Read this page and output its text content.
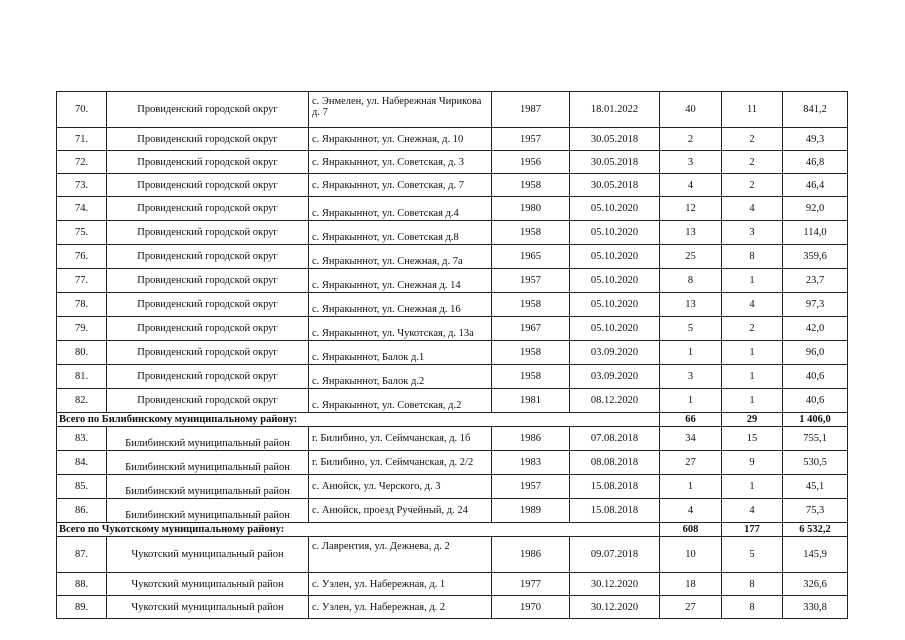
70.	Провиденский городской округ	с. Энмелен, ул. Набережная Чирикова д. 7	1987	18.01.2022	40	11	841,2
71.	Провиденский городской округ	с. Янракыннот, ул. Снежная, д. 10	1957	30.05.2018	2	2	49,3
72.	Провиденский городской округ	с. Янракыннот, ул. Советская, д. 3	1956	30.05.2018	3	2	46,8
73.	Провиденский городской округ	с. Янракыннот, ул. Советская, д. 7	1958	30.05.2018	4	2	46,4
74.	Провиденский городской округ	с. Янракыннот, ул. Советская д.4	1980	05.10.2020	12	4	92,0
75.	Провиденский городской округ	с. Янракыннот, ул. Советская д.8	1958	05.10.2020	13	3	114,0
76.	Провиденский городской округ	с. Янракыннот, ул. Снежная, д. 7а	1965	05.10.2020	25	8	359,6
77.	Провиденский городской округ	с. Янракыннот, ул. Снежная д. 14	1957	05.10.2020	8	1	23,7
78.	Провиденский городской округ	с. Янракыннот, ул. Снежная д. 16	1958	05.10.2020	13	4	97,3
79.	Провиденский городской округ	с. Янракыннот, ул. Чукотская, д. 13а	1967	05.10.2020	5	2	42,0
80.	Провиденский городской округ	с. Янракыннот, Балок д.1	1958	03.09.2020	1	1	96,0
81.	Провиденский городской округ	с. Янракыннот, Балок д.2	1958	03.09.2020	3	1	40,6
82.	Провиденский городской округ	с. Янракыннот, ул. Советская, д.2	1981	08.12.2020	1	1	40,6
Всего по Билибинскому муниципальному району:					66	29	1 406,0
83.	Билибинский муниципальный район	г. Билибино, ул. Сеймчанская, д. 1б	1986	07.08.2018	34	15	755,1
84.	Билибинский муниципальный район	г. Билибино, ул. Сеймчанская, д. 2/2	1983	08.08.2018	27	9	530,5
85.	Билибинский муниципальный район	с. Анюйск, ул. Черского, д. 3	1957	15.08.2018	1	1	45,1
86.	Билибинский муниципальный район	с. Анюйск, проезд Ручейный, д. 24	1989	15.08.2018	4	4	75,3
Всего по Чукотскому муниципальному району:					608	177	6 532,2
87.	Чукотский муниципальный район	с. Лаврентия, ул. Дежнева, д. 2	1986	09.07.2018	10	5	145,9
88.	Чукотский муниципальный район	с. Уэлен, ул. Набережная, д. 1	1977	30.12.2020	18	8	326,6
89.	Чукотский муниципальный район	с. Уэлен, ул. Набережная, д. 2	1970	30.12.2020	27	8	330,8
